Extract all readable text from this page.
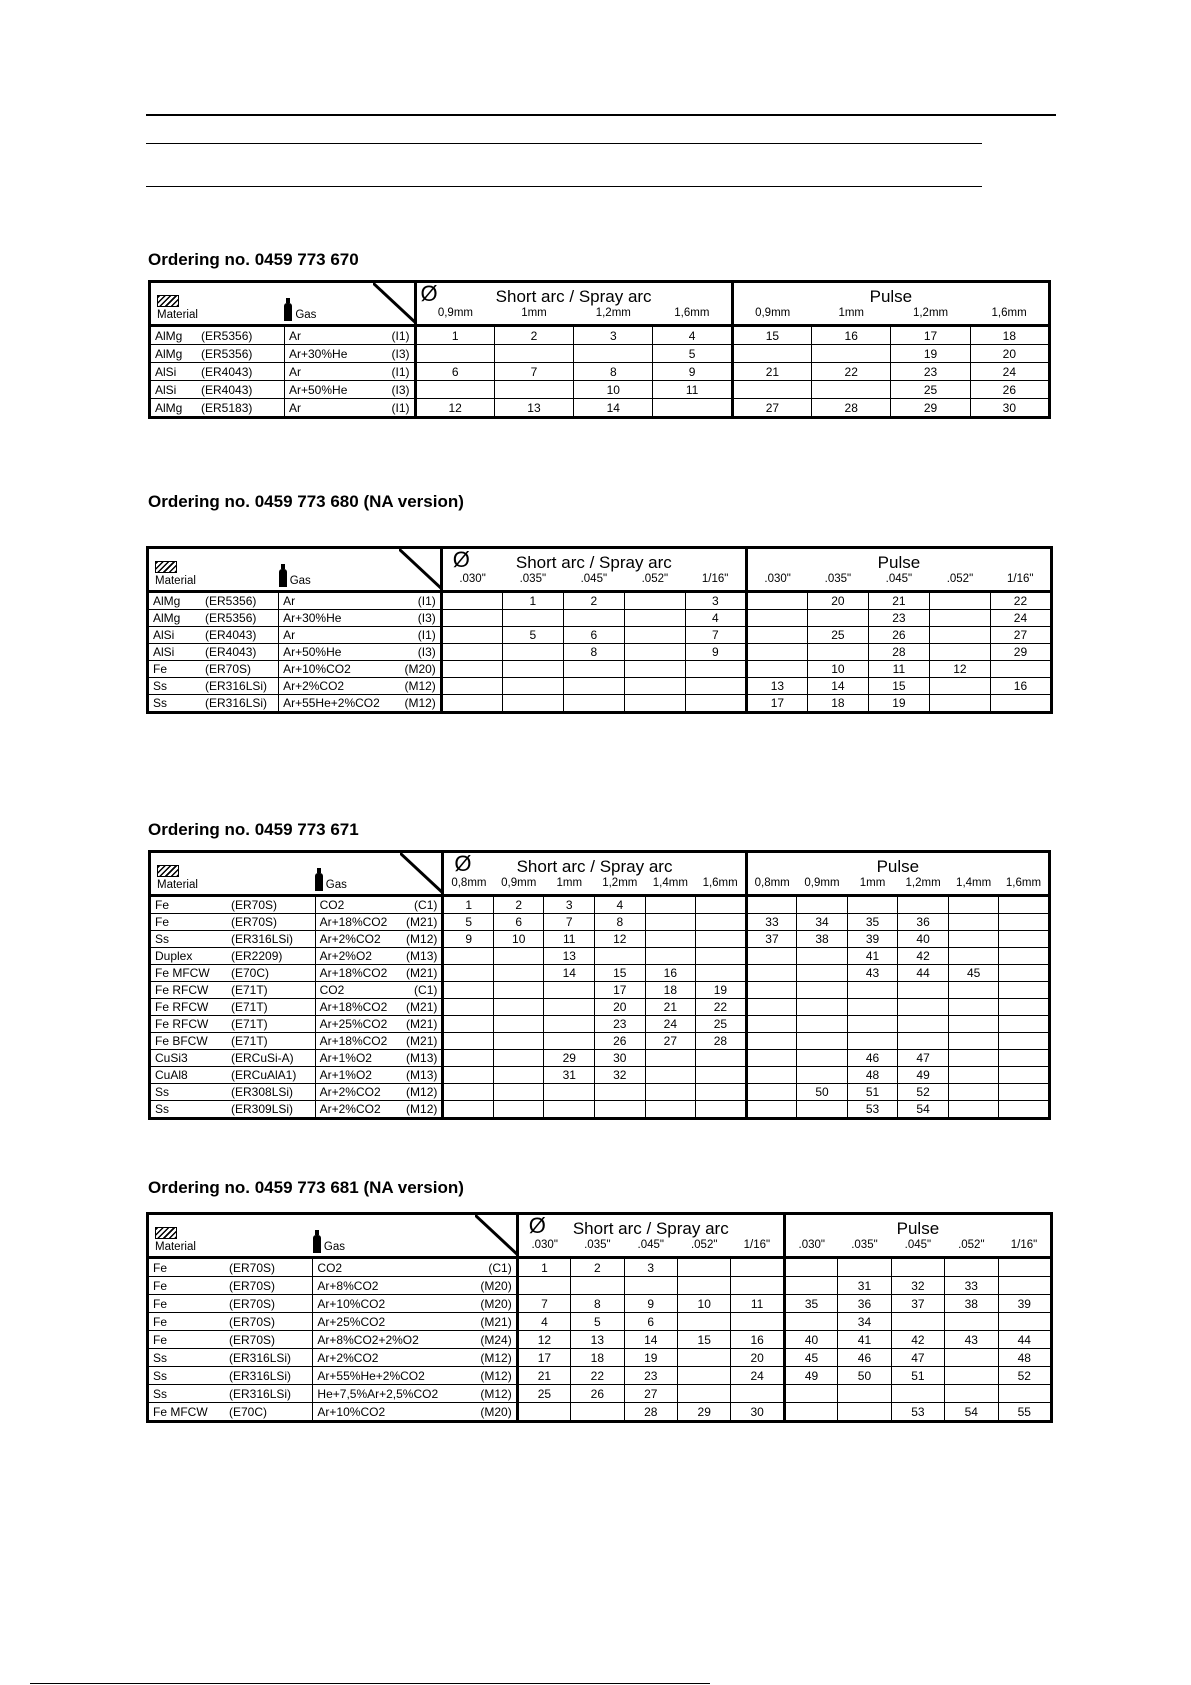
Ordering no. 0459 773 670
Material Gas		Ø Short arc / Spray arc				Pulse			
		0,9mm	1mm	1,2mm	1,6mm	0,9mm	1mm	1,2mm	1,6mm
AlMg (ER5356)	Ar (I1)	1	2	3	4	15	16	17	18
AlMg (ER5356)	Ar+30%He (I3)				5			19	20
AlSi (ER4043)	Ar (I1)	6	7	8	9	21	22	23	24
AlSi (ER4043)	Ar+50%He (I3)			10	11			25	26
AlMg (ER5183)	Ar (I1)	12	13	14		27	28	29	30
Ordering no. 0459 773 680 (NA version)
Material Gas		Ø Short arc / Spray arc					Pulse				
		.030"	.035"	.045"	.052"	1/16"	.030"	.035"	.045"	.052"	1/16"
AlMg (ER5356)	Ar (I1)		1	2		3		20	21		22
AlMg (ER5356)	Ar+30%He (I3)					4			23		24
AlSi (ER4043)	Ar (I1)		5	6		7		25	26		27
AlSi (ER4043)	Ar+50%He (I3)			8		9			28		29
Fe (ER70S)	Ar+10%CO2 (M20)							10	11	12	
Ss (ER316LSi)	Ar+2%CO2 (M12)						13	14	15		16
Ss (ER316LSi)	Ar+55He+2%CO2 (M12)						17	18	19		
Ordering no. 0459 773 671
Material Gas		Ø Short arc / Spray arc						Pulse					
		0,8mm	0,9mm	1mm	1,2mm	1,4mm	1,6mm	0,8mm	0,9mm	1mm	1,2mm	1,4mm	1,6mm
Fe (ER70S)	CO2 (C1)	1	2	3	4								
Fe (ER70S)	Ar+18%CO2 (M21)	5	6	7	8			33	34	35	36		
Ss (ER316LSi)	Ar+2%CO2 (M12)	9	10	11	12			37	38	39	40		
Duplex (ER2209)	Ar+2%O2 (M13)			13						41	42		
Fe MFCW (E70C)	Ar+18%CO2 (M21)			14	15	16				43	44	45	
Fe RFCW (E71T)	CO2 (C1)				17	18	19						
Fe RFCW (E71T)	Ar+18%CO2 (M21)				20	21	22						
Fe RFCW (E71T)	Ar+25%CO2 (M21)				23	24	25						
Fe BFCW (E71T)	Ar+18%CO2 (M21)				26	27	28						
CuSi3 (ERCuSi-A)	Ar+1%O2 (M13)			29	30					46	47		
CuAl8 (ERCuAlA1)	Ar+1%O2 (M13)			31	32					48	49		
Ss (ER308LSi)	Ar+2%CO2 (M12)								50	51	52		
Ss (ER309LSi)	Ar+2%CO2 (M12)									53	54		
Ordering no. 0459 773 681 (NA version)
Material Gas		Ø Short arc / Spray arc					Pulse				
		.030"	.035"	.045"	.052"	1/16"	.030"	.035"	.045"	.052"	1/16"
Fe (ER70S)	CO2 (C1)	1	2	3							
Fe (ER70S)	Ar+8%CO2 (M20)							31	32	33	
Fe (ER70S)	Ar+10%CO2 (M20)	7	8	9	10	11	35	36	37	38	39
Fe (ER70S)	Ar+25%CO2 (M21)	4	5	6				34			
Fe (ER70S)	Ar+8%CO2+2%O2 (M24)	12	13	14	15	16	40	41	42	43	44
Ss (ER316LSi)	Ar+2%CO2 (M12)	17	18	19		20	45	46	47		48
Ss (ER316LSi)	Ar+55%He+2%CO2 (M12)	21	22	23		24	49	50	51		52
Ss (ER316LSi)	He+7,5%Ar+2,5%CO2 (M12)	25	26	27							
Fe MFCW (E70C)	Ar+10%CO2 (M20)			28	29	30			53	54	55
